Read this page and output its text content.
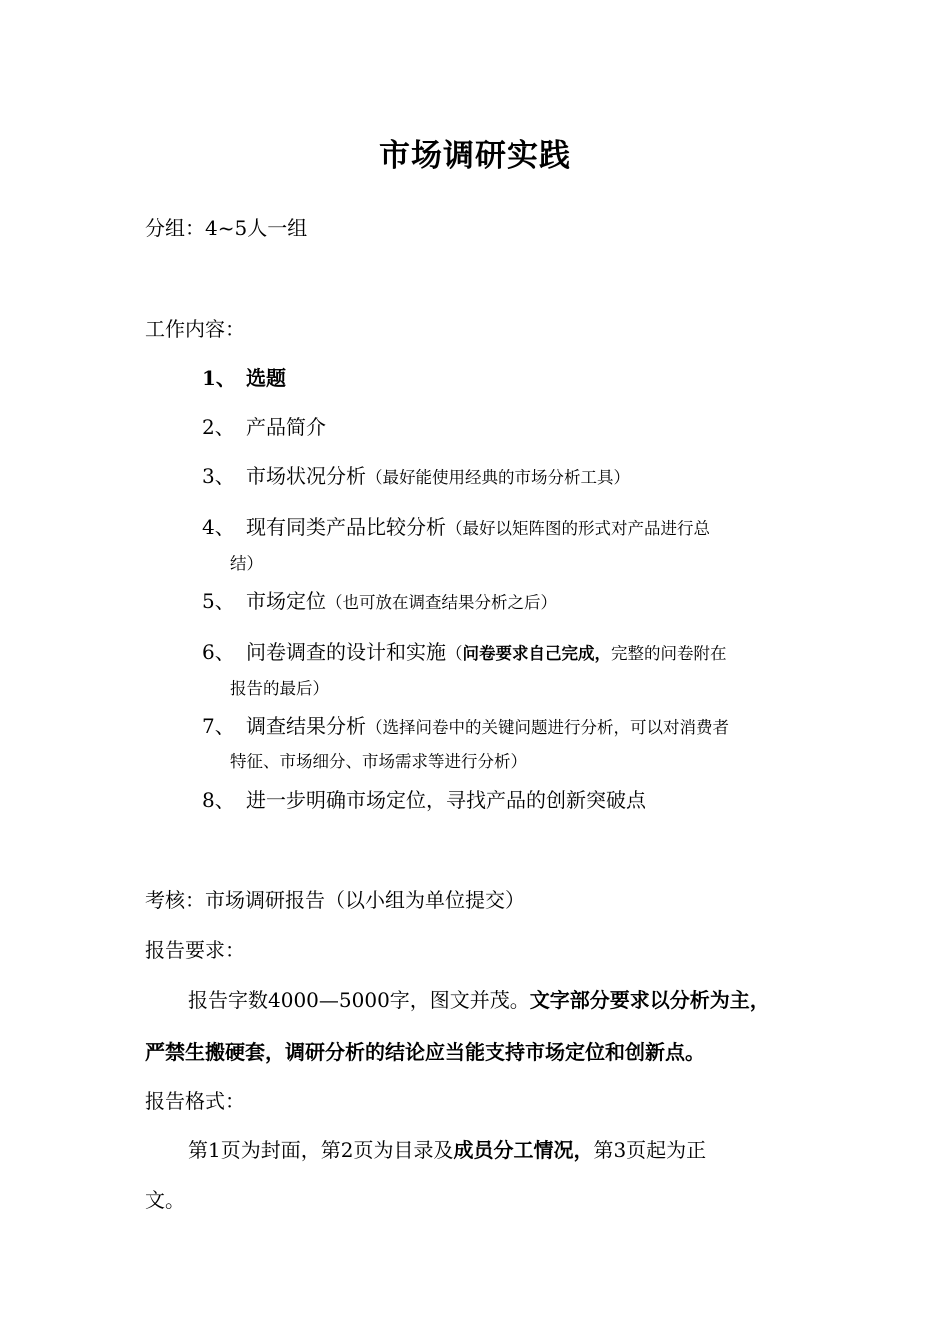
市场调研实践
分组：4~5人一组
工作内容：
1、 选题
2、 产品简介
3、 市场状况分析（最好能使用经典的市场分析工具）
4、 现有同类产品比较分析（最好以矩阵图的形式对产品进行总
结）
5、 市场定位（也可放在调查结果分析之后）
6、 问卷调查的设计和实施（问卷要求自己完成，完整的问卷附在
报告的最后）
7、 调查结果分析（选择问卷中的关键问题进行分析，可以对消费者
特征、市场细分、市场需求等进行分析）
8、 进一步明确市场定位，寻找产品的创新突破点
考核：市场调研报告（以小组为单位提交）
报告要求：
报告字数4000—5000字，图文并茂。文字部分要求以分析为主，
严禁生搬硬套，调研分析的结论应当能支持市场定位和创新点。
报告格式：
第1页为封面，第2页为目录及成员分工情况，第3页起为正
文。
